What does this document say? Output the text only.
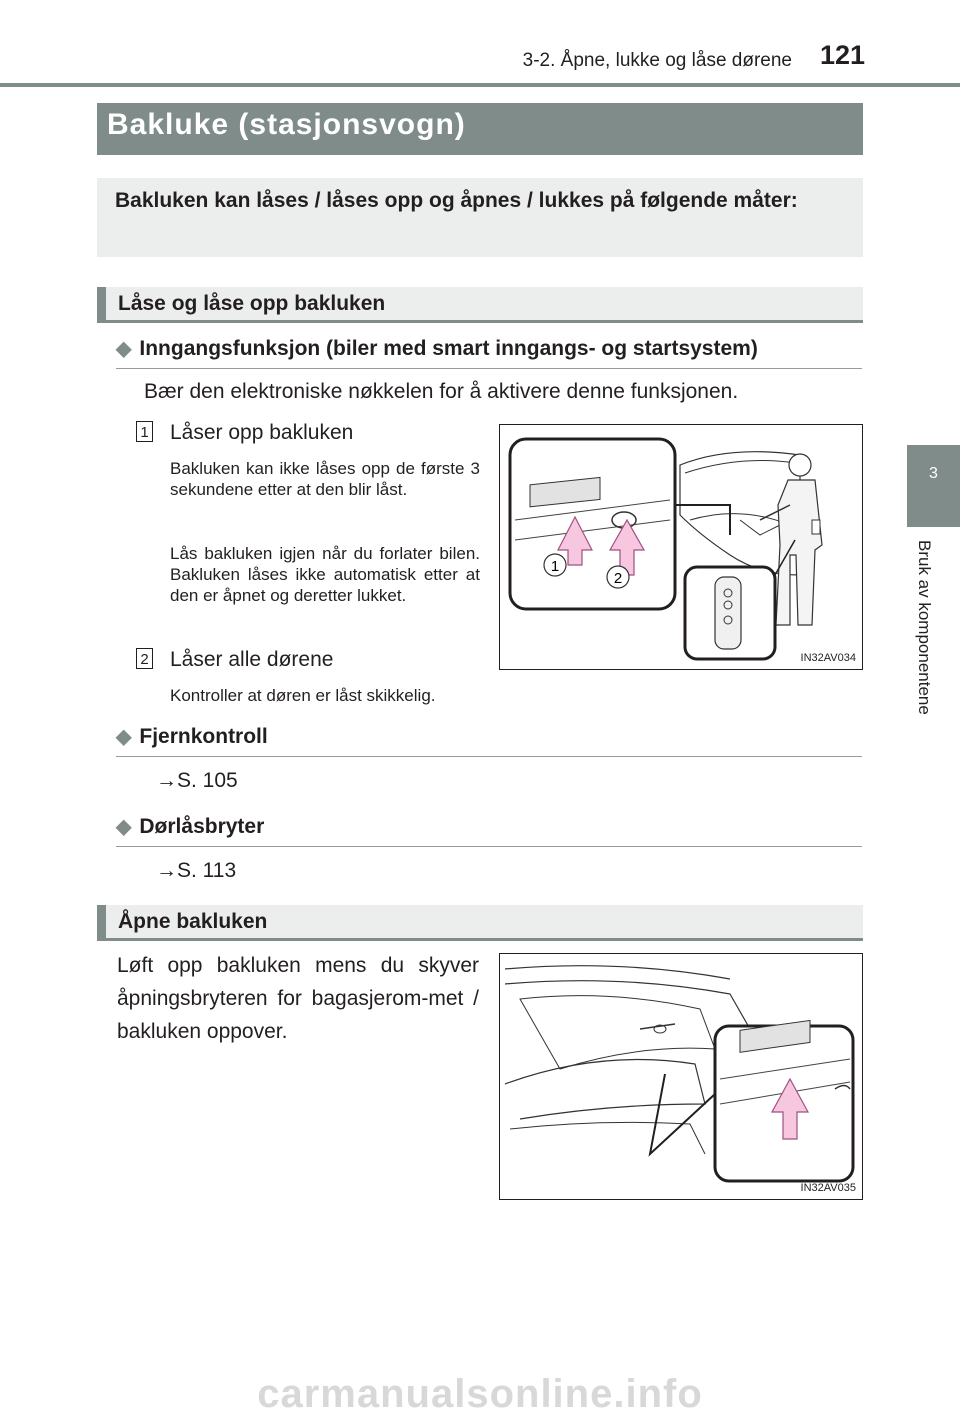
3-2. Åpne, lukke og låse dørene 121
3
Bruk av komponentene
Bakluke (stasjonsvogn)
Bakluken kan låses / låses opp og åpnes / lukkes på følgende måter:
Låse og låse opp bakluken
◆ Inngangsfunksjon (biler med smart inngangs- og startsystem)
Bær den elektroniske nøkkelen for å aktivere denne funksjonen.
1 Låser opp bakluken
Bakluken kan ikke låses opp de første 3 sekundene etter at den blir låst.
Lås bakluken igjen når du forlater bilen. Bakluken låses ikke automatisk etter at den er åpnet og deretter lukket.
2 Låser alle dørene
Kontroller at døren er låst skikkelig.
1
2
IN32AV034
◆ Fjernkontroll
→S. 105
◆ Dørlåsbryter
→S. 113
Åpne bakluken
Løft opp bakluken mens du skyver åpningsbryteren for bagasjerom-met / bakluken oppover.
IN32AV035
carmanualsonline.info
